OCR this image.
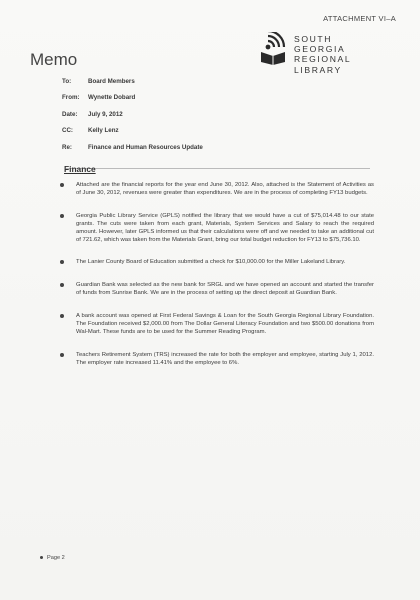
ATTACHMENT VI–A
SOUTH
GEORGIA
REGIONAL
LIBRARY
Memo
To:	Board Members
From:	Wynette Dobard
Date:	July 9, 2012
CC:	Kelly Lenz
Re:	Finance and Human Resources Update
Finance
Attached are the financial reports for the year end June 30, 2012. Also, attached is the Statement of Activities as of June 30, 2012, revenues were greater than expenditures. We are in the process of completing FY13 budgets.
Georgia Public Library Service (GPLS) notified the library that we would have a cut of $75,014.48 to our state grants. The cuts were taken from each grant, Materials, System Services and Salary to reach the required amount. However, later GPLS informed us that their calculations were off and we needed to take an additional cut of 721.62, which was taken from the Materials Grant, bring our total budget reduction for FY13 to $75,736.10.
The Lanier County Board of Education submitted a check for $10,000.00 for the Miller Lakeland Library.
Guardian Bank was selected as the new bank for SRGL and we have opened an account and started the transfer of funds from Sunrise Bank. We are in the process of setting up the direct deposit at Guardian Bank.
A bank account was opened at First Federal Savings & Loan for the South Georgia Regional Library Foundation. The Foundation received $2,000.00 from The Dollar General Literacy Foundation and two $500.00 donations from Wal-Mart. These funds are to be used for the Summer Reading Program.
Teachers Retirement System (TRS) increased the rate for both the employer and employee, starting July 1, 2012. The employer rate increased 11.41% and the employee to 6%.
Page 2
